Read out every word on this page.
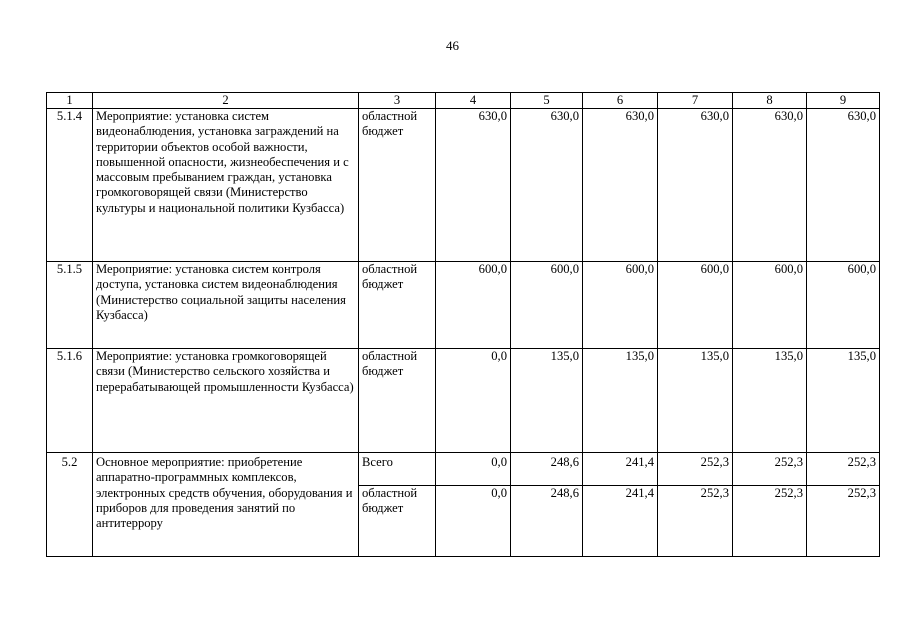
46
1	2	3	4	5	6	7	8	9
5.1.4	Мероприятие: установка систем видеонаблюдения, установка заграждений на территории объектов особой важности, повышенной опасности, жизнеобеспечения и с массовым пребыванием граждан, установка громкоговорящей связи (Министерство культуры и национальной политики Кузбасса)	областной бюджет	630,0	630,0	630,0	630,0	630,0	630,0
5.1.5	Мероприятие: установка систем контроля доступа, установка систем видеонаблюдения (Министерство социальной защиты населения Кузбасса)	областной бюджет	600,0	600,0	600,0	600,0	600,0	600,0
5.1.6	Мероприятие: установка громкоговорящей связи (Министерство сельского хозяйства и перерабатывающей промышленности Кузбасса)	областной бюджет	0,0	135,0	135,0	135,0	135,0	135,0
5.2	Основное мероприятие: приобретение аппаратно-программных комплексов, электронных средств обучения, оборудования и приборов для проведения занятий по антитеррору	Всего	0,0	248,6	241,4	252,3	252,3	252,3
		областной бюджет	0,0	248,6	241,4	252,3	252,3	252,3
